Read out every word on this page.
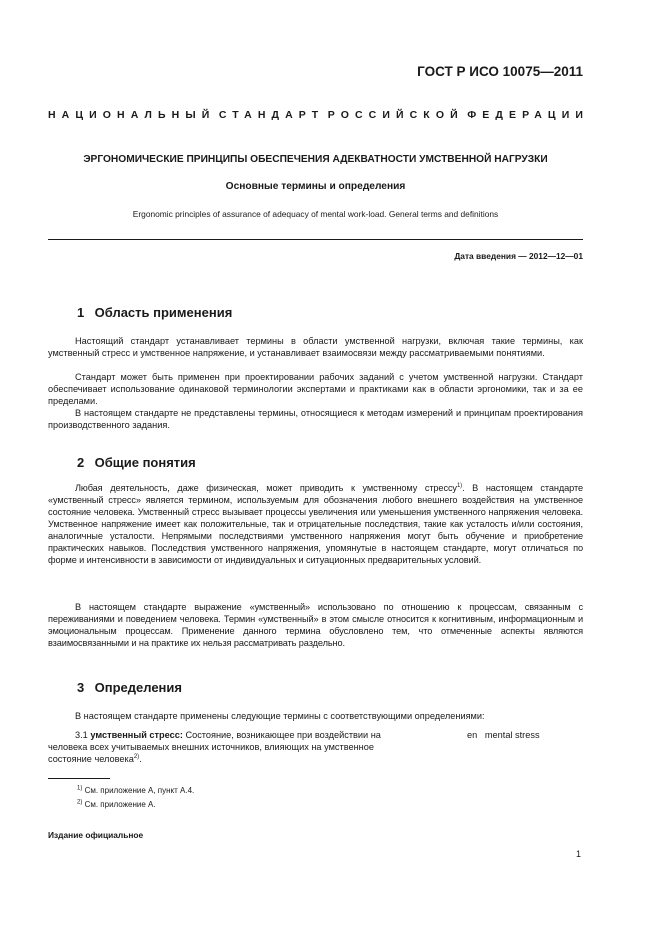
ГОСТ Р ИСО 10075—2011
НАЦИОНАЛЬНЫЙ СТАНДАРТ РОССИЙСКОЙ ФЕДЕРАЦИИ
ЭРГОНОМИЧЕСКИЕ ПРИНЦИПЫ ОБЕСПЕЧЕНИЯ АДЕКВАТНОСТИ УМСТВЕННОЙ НАГРУЗКИ
Основные термины и определения
Ergonomic principles of assurance of adequacy of mental work-load. General terms and definitions
Дата введения — 2012—12—01
1 Область применения

Настоящий стандарт устанавливает термины в области умственной нагрузки, включая такие термины, как умственный стресс и умственное напряжение, и устанавливает взаимосвязи между рассматриваемыми понятиями.

Стандарт может быть применен при проектировании рабочих заданий с учетом умственной нагрузки. Стандарт обеспечивает использование одинаковой терминологии экспертами и практиками как в области эргономики, так и за ее пределами.

В настоящем стандарте не представлены термины, относящиеся к методам измерений и принципам проектирования производственного задания.

2 Общие понятия

Любая деятельность, даже физическая, может приводить к умственному стрессу$^{1)}$. В настоящем стандарте «умственный стресс» является термином, используемым для обозначения любого внешнего воздействия на умственное состояние человека. Умственный стресс вызывает процессы увеличения или уменьшения умственного напряжения человека. Умственное напряжение имеет как положительные, так и отрицательные последствия, такие как усталость и/или состояния, аналогичные усталости. Непрямыми последствиями умственного напряжения могут быть обучение и приобретение практических навыков. Последствия умственного напряжения, упомянутые в настоящем стандарте, могут отличаться по форме и интенсивности в зависимости от индивидуальных и ситуационных предварительных условий.

В настоящем стандарте выражение «умственный» использовано по отношению к процессам, связанным с переживаниями и поведением человека. Термин «умственный» в этом смысле относится к когнитивным, информационным и эмоциональным процессам. Применение данного термина обусловлено тем, что отмеченные аспекты являются взаимосвязанными и на практике их нельзя рассматривать раздельно.

3 Определения

В настоящем стандарте применены следующие термины с соответствующими определениями:

3.1 умственный стресс: Состояние, возникающее при воздействии на
человека всех учитываемых внешних источников, влияющих на умственное
состояние человека$^{2)}$.
en mental stress
$^{1)}$ См. приложение А, пункт А.4.
$^{2)}$ См. приложение А.
Издание официальное
1
